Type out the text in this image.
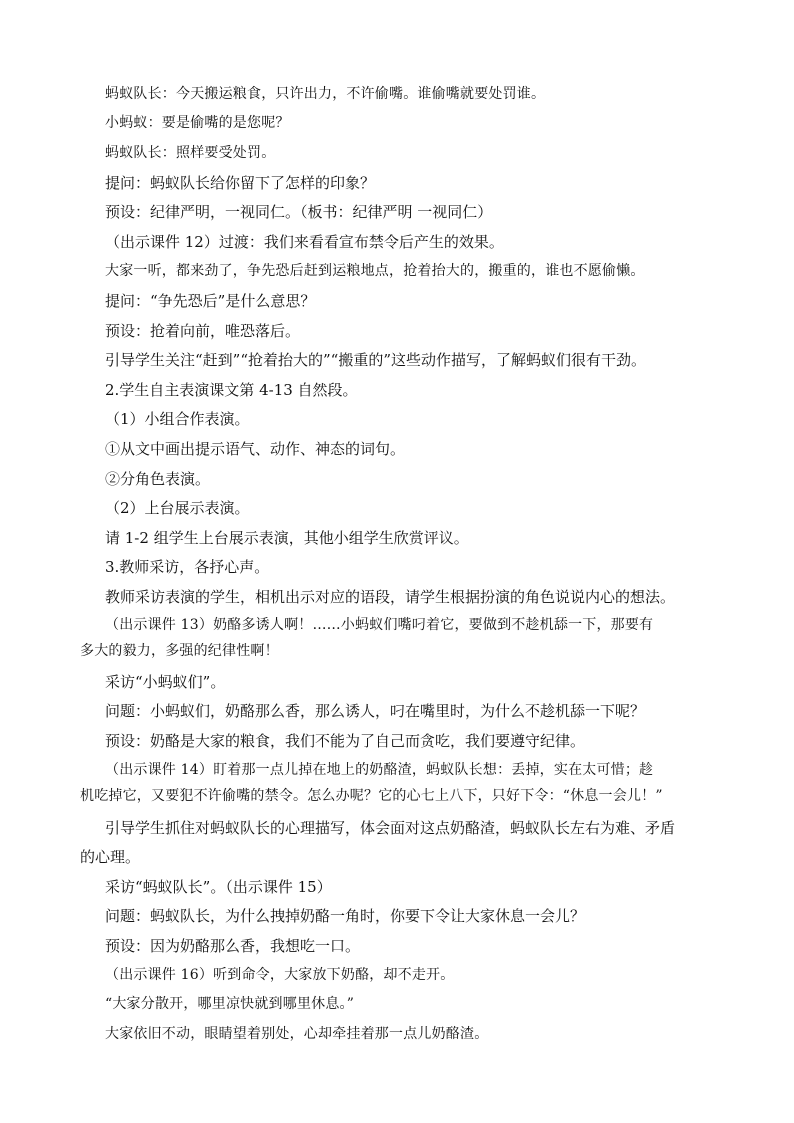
蚂蚁队长：今天搬运粮食，只许出力，不许偷嘴。谁偷嘴就要处罚谁。
小蚂蚁：要是偷嘴的是您呢？
蚂蚁队长：照样要受处罚。
提问：蚂蚁队长给你留下了怎样的印象？
预设：纪律严明，一视同仁。（板书：纪律严明 一视同仁）
（出示课件 12）过渡：我们来看看宣布禁令后产生的效果。
大家一听，都来劲了，争先恐后赶到运粮地点，抢着抬大的，搬重的，谁也不愿偷懒。
提问：“争先恐后”是什么意思？
预设：抢着向前，唯恐落后。
引导学生关注“赶到”“抢着抬大的”“搬重的”这些动作描写，了解蚂蚁们很有干劲。
2.学生自主表演课文第 4-13 自然段。
（1）小组合作表演。
①从文中画出提示语气、动作、神态的词句。
②分角色表演。
（2）上台展示表演。
请 1-2 组学生上台展示表演，其他小组学生欣赏评议。
3.教师采访，各抒心声。
教师采访表演的学生，相机出示对应的语段，请学生根据扮演的角色说说内心的想法。
（出示课件 13）奶酪多诱人啊！……小蚂蚁们嘴叼着它，要做到不趁机舔一下，那要有
多大的毅力，多强的纪律性啊！
采访“小蚂蚁们”。
问题：小蚂蚁们，奶酪那么香，那么诱人，叼在嘴里时，为什么不趁机舔一下呢？
预设：奶酪是大家的粮食，我们不能为了自己而贪吃，我们要遵守纪律。
（出示课件 14）盯着那一点儿掉在地上的奶酪渣，蚂蚁队长想：丢掉，实在太可惜；趁
机吃掉它，又要犯不许偷嘴的禁令。怎么办呢？它的心七上八下，只好下令：“休息一会儿！”
引导学生抓住对蚂蚁队长的心理描写，体会面对这点奶酪渣，蚂蚁队长左右为难、矛盾
的心理。
采访“蚂蚁队长”。（出示课件 15）
问题：蚂蚁队长，为什么拽掉奶酪一角时，你要下令让大家休息一会儿？
预设：因为奶酪那么香，我想吃一口。
（出示课件 16）听到命令，大家放下奶酪，却不走开。
“大家分散开，哪里凉快就到哪里休息。”
大家依旧不动，眼睛望着别处，心却牵挂着那一点儿奶酪渣。
